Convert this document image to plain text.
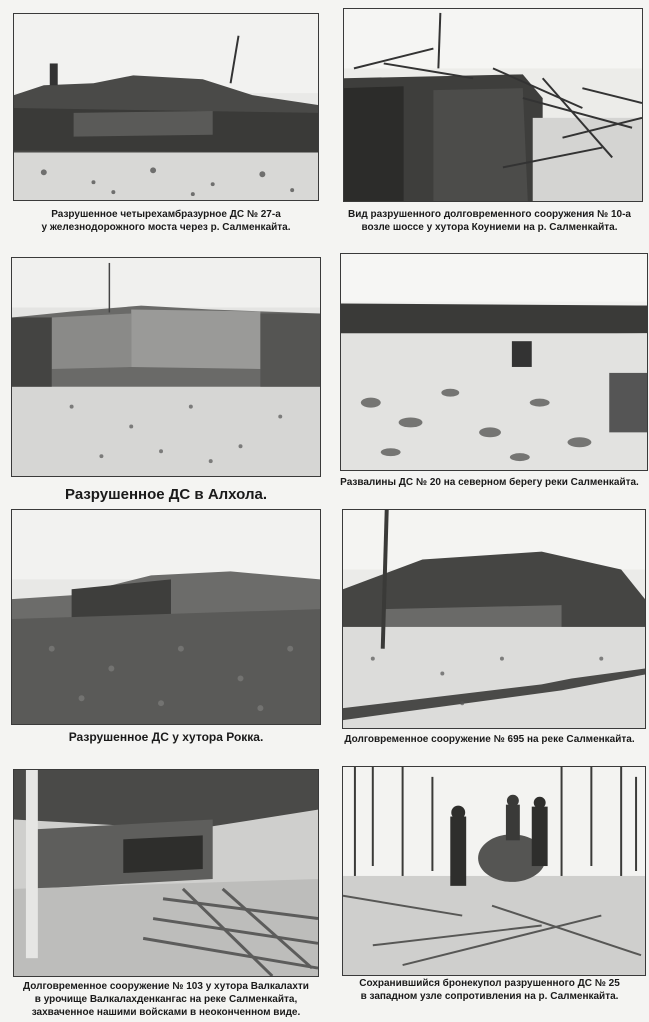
Разрушенное четырехамбразурное ДС № 27-а
у железнодорожного моста через р. Салменкайта.
Вид разрушенного долговременного сооружения № 10-а
возле шоссе у хутора Коуниеми на р. Салменкайта.
Разрушенное ДС в Алхола.
Развалины ДС № 20 на северном берегу реки Салменкайта.
Разрушенное ДС у хутора Рокка.	Долговременное сооружение № 695 на реке Салменкайта.
Долговременное сооружение № 103 у хутора Валкалахти
в урочище Валкалахденкангас на реке Салменкайта,
захваченное нашими войсками в неоконченном виде.
Сохранившийся бронекупол разрушенного ДС № 25
в западном узле сопротивления на р. Салменкайта.
